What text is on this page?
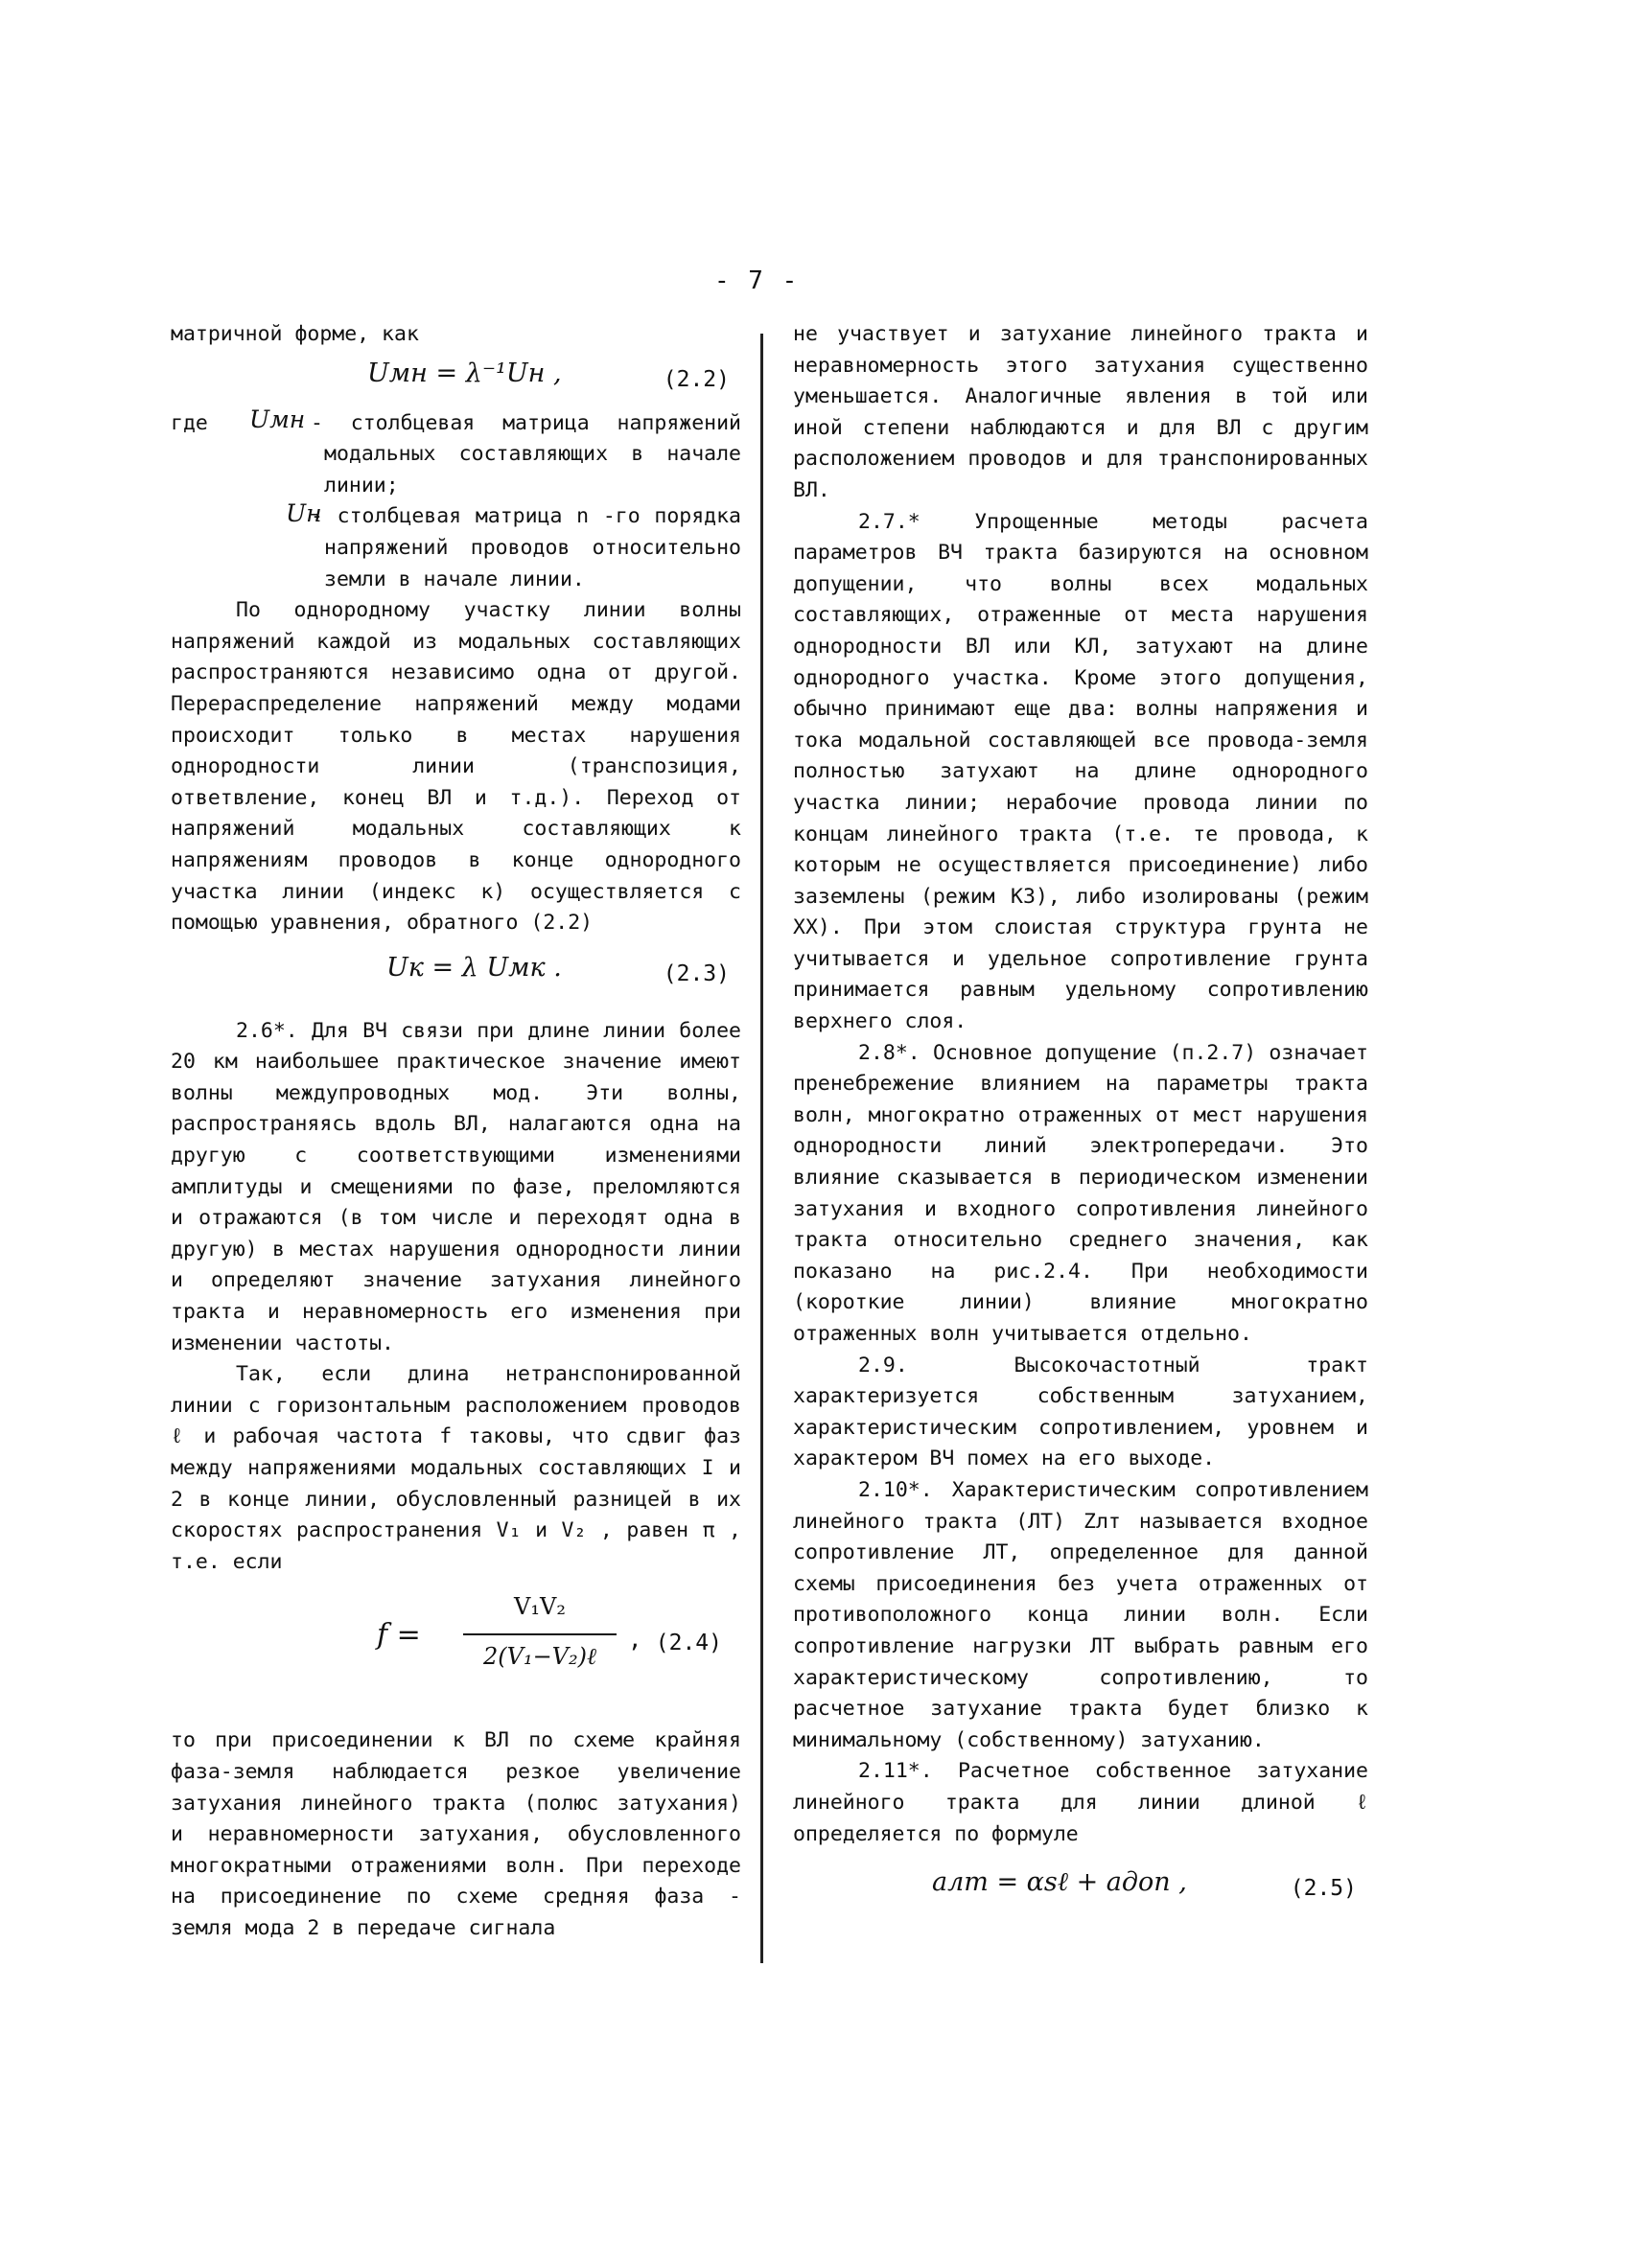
- 7 -

матричной форме, как

Uмн = λ⁻¹Uн ,	(2.2)
где Uмн - столбцевая матрица напряжений модальных составляющих в начале линии;

Uн

- столбцевая матрица n -го порядка напряжений проводов относительно земли в начале линии.

По однородному участку линии волны напряжений каждой из модальных составляющих распространяются независимо одна от другой. Перераспределение напряжений между модами происходит только в местах нарушения однородности линии (транспозиция, ответвление, конец ВЛ и т.д.). Переход от напряжений модальных составляющих к напряжениям проводов в конце однородного участка линии (индекс к) осуществляется с помощью уравнения, обратного (2.2)

Uк = λ Uмк .	(2.3)

2.6*. Для ВЧ связи при длине линии более 20 км наибольшее практическое значение имеют волны междупроводных мод. Эти волны, распространяясь вдоль ВЛ, налагаются одна на другую с соответствующими изменениями амплитуды и смещениями по фазе, преломляются и отражаются (в том числе и переходят одна в другую) в местах нарушения однородности линии и определяют значение затухания линейного тракта и неравномерность его изменения при изменении частоты.

Так, если длина нетранспонированной линии с горизонтальным расположением проводов ℓ и рабочая частота f таковы, что сдвиг фаз между напряжениями модальных составляющих I и 2 в конце линии, обусловленный разницей в их скоростях распространения V₁ и V₂ , равен π , т.е. если

f =
V₁V₂
2(V₁−V₂)ℓ
, (2.4)

то при присоединении к ВЛ по схеме крайняя фаза-земля наблюдается резкое увеличение затухания линейного тракта (полюс затухания) и неравномерности затухания, обусловленного многократными отражениями волн. При переходе на присоединение по схеме средняя фаза - земля мода 2 в передаче сигнала

не участвует и затухание линейного тракта и неравномерность этого затухания существенно уменьшается. Аналогичные явления в той или иной степени наблюдаются и для ВЛ с другим расположением проводов и для транспонированных ВЛ.

2.7.* Упрощенные методы расчета параметров ВЧ тракта базируются на основном допущении, что волны всех модальных составляющих, отраженные от места нарушения однородности ВЛ или КЛ, затухают на длине однородного участка. Кроме этого допущения, обычно принимают еще два: волны напряжения и тока модальной составляющей все провода-земля полностью затухают на длине однородного участка линии; нерабочие провода линии по концам линейного тракта (т.е. те провода, к которым не осуществляется присоединение) либо заземлены (режим КЗ), либо изолированы (режим XX). При этом слоистая структура грунта не учитывается и удельное сопротивление грунта принимается равным удельному сопротивлению верхнего слоя.

2.8*. Основное допущение (п.2.7) означает пренебрежение влиянием на параметры тракта волн, многократно отраженных от мест нарушения однородности линий электропередачи. Это влияние сказывается в периодическом изменении затухания и входного сопротивления линейного тракта относительно среднего значения, как показано на рис.2.4. При необходимости (короткие линии) влияние многократно отраженных волн учитывается отдельно.

2.9. Высокочастотный тракт характеризуется собственным затуханием, характеристическим сопротивлением, уровнем и характером ВЧ помех на его выходе.

2.10*. Характеристическим сопротивлением линейного тракта (ЛТ) Zлт называется входное сопротивление ЛТ, определенное для данной схемы присоединения без учета отраженных от противоположного конца линии волн. Если сопротивление нагрузки ЛТ выбрать равным его характеристическому сопротивлению, то расчетное затухание тракта будет близко к минимальному (собственному) затуханию.

2.11*. Расчетное собственное затухание линейного тракта для линии длиной ℓ определяется по формуле

aлт = αsℓ + aдоп ,	(2.5)
